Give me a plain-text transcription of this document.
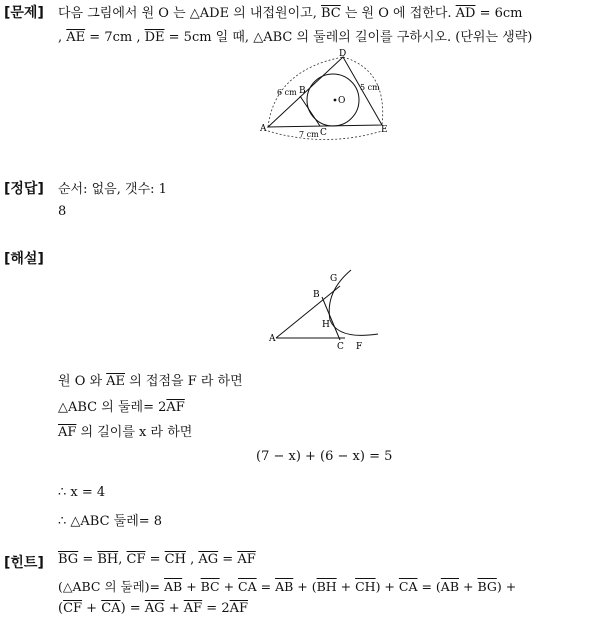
[문제] 다음 그림에서 원 O 는 △ADE 의 내접원이고, $\overline{BC}$ 는 원 O 에 접한다. $\overline{AD} = 6cm$
, $\overline{AE} = 7cm$ , $\overline{DE} = 5cm$ 일 때, △ABC 의 둘레의 길이를 구하시오. (단위는 생략)
A
B
C
D
E
O
6 cm
5 cm
7 cm
[정답] 순서: 없음, 갯수: 1
8
[해설]
A
B
C F
G
H
원 O 와 $\overline{AE}$ 의 접점을 F 라 하면
△ABC 의 둘레= $2\overline{AF}$
$\overline{AF}$ 의 길이를 x 라 하면
(7 − x) + (6 − x) = 5
∴ x = 4
∴ △ABC 둘레= 8
[힌트] $\overline{BG} = \overline{BH}$, $\overline{CF} = \overline{CH}$ , $\overline{AG} = \overline{AF}$
(△ABC 의 둘레)= $\overline{AB} + \overline{BC} + \overline{CA} = \overline{AB} + (\overline{BH} + \overline{CH}) + \overline{CA} = (\overline{AB} + \overline{BG})$ +
$(\overline{CF} + \overline{CA}) = \overline{AG} + \overline{AF} = 2\overline{AF}$
